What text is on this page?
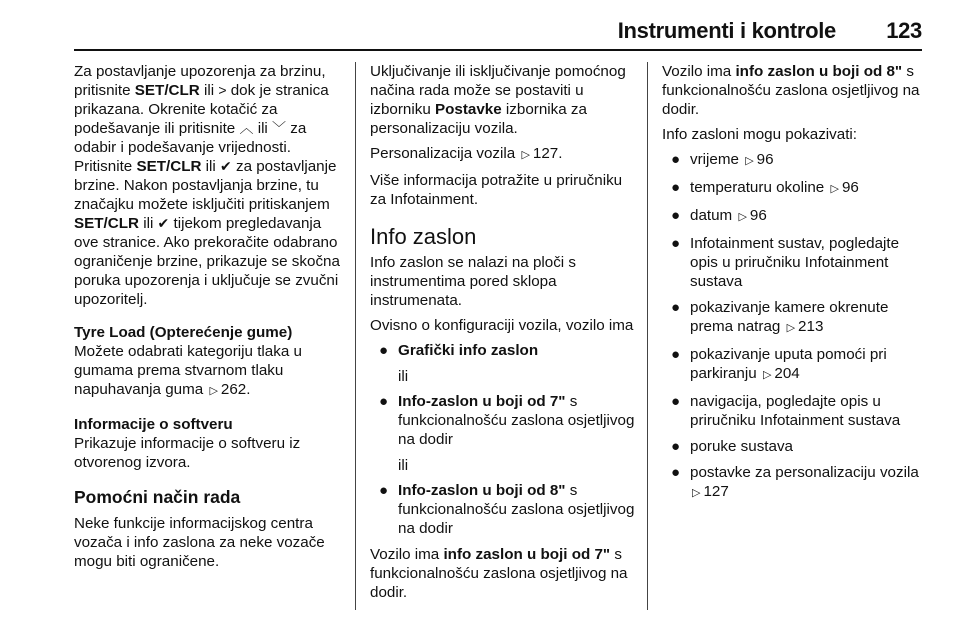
Instrumenti i kontrole 123

Za postavljanje upozorenja za brzinu, pritisnite SET/CLR ili > dok je stranica prikazana. Okrenite kotačić za podešavanje ili pritisnite ︿ ili ﹀ za odabir i podešavanje vrijednosti. Pritisnite SET/CLR ili ✔ za postavljanje brzine. Nakon postavljanja brzine, tu značajku možete isključiti pritiskanjem SET/CLR ili ✔ tijekom pregledavanja ove stranice. Ako prekoračite odabrano ograničenje brzine, prikazuje se skočna poruka upozorenja i uključuje se zvučni upozoritelj.

Tyre Load (Opterećenje gume)

Možete odabrati kategoriju tlaka u gumama prema stvarnom tlaku napuhavanja guma ▷ 262.

Informacije o softveru

Prikazuje informacije o softveru iz otvorenog izvora.

Pomoćni način rada

Neke funkcije informacijskog centra vozača i info zaslona za neke vozače mogu biti ograničene.

Uključivanje ili isključivanje pomoćnog načina rada može se postaviti u izborniku Postavke izbornika za personalizaciju vozila.

Personalizacija vozila ▷ 127.

Više informacija potražite u priručniku za Infotainment.

Info zaslon

Info zaslon se nalazi na ploči s instrumentima pored sklopa instrumenata.

Ovisno o konfiguraciji vozila, vozilo ima

● Grafički info zaslon
ili
● Info-zaslon u boji od 7" s funkcionalnošću zaslona osjetljivog na dodir
ili
● Info-zaslon u boji od 8" s funkcionalnošću zaslona osjetljivog na dodir

Vozilo ima info zaslon u boji od 7" s funkcionalnošću zaslona osjetljivog na dodir.

Vozilo ima info zaslon u boji od 8" s funkcionalnošću zaslona osjetljivog na dodir.

Info zasloni mogu pokazivati:

● vrijeme ▷ 96
● temperaturu okoline ▷ 96
● datum ▷ 96
● Infotainment sustav, pogledajte opis u priručniku Infotainment sustava
● pokazivanje kamere okrenute prema natrag ▷ 213
● pokazivanje uputa pomoći pri parkiranju ▷ 204
● navigacija, pogledajte opis u priručniku Infotainment sustava
● poruke sustava
● postavke za personalizaciju vozila ▷ 127
